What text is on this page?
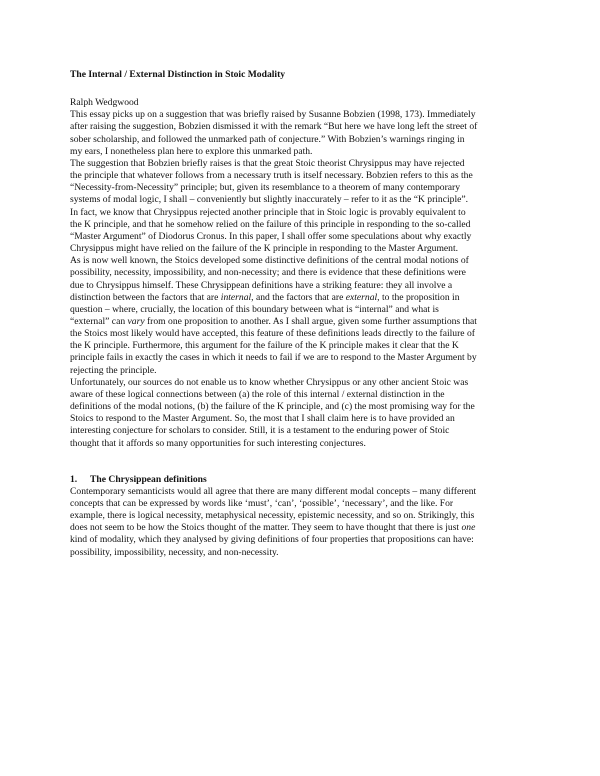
The Internal / External Distinction in Stoic Modality

Ralph Wedgwood

This essay picks up on a suggestion that was briefly raised by Susanne Bobzien (1998, 173). Immediately
after raising the suggestion, Bobzien dismissed it with the remark “But here we have long left the street of
sober scholarship, and followed the unmarked path of conjecture.” With Bobzien’s warnings ringing in
my ears, I nonetheless plan here to explore this unmarked path.

The suggestion that Bobzien briefly raises is that the great Stoic theorist Chrysippus may have rejected
the principle that whatever follows from a necessary truth is itself necessary. Bobzien refers to this as the
“Necessity-from-Necessity” principle; but, given its resemblance to a theorem of many contemporary
systems of modal logic, I shall – conveniently but slightly inaccurately – refer to it as the “K principle”.
In fact, we know that Chrysippus rejected another principle that in Stoic logic is provably equivalent to
the K principle, and that he somehow relied on the failure of this principle in responding to the so-called
“Master Argument” of Diodorus Cronus. In this paper, I shall offer some speculations about why exactly
Chrysippus might have relied on the failure of the K principle in responding to the Master Argument.

As is now well known, the Stoics developed some distinctive definitions of the central modal notions of
possibility, necessity, impossibility, and non-necessity; and there is evidence that these definitions were
due to Chrysippus himself. These Chrysippean definitions have a striking feature: they all involve a
distinction between the factors that are internal, and the factors that are external, to the proposition in
question – where, crucially, the location of this boundary between what is “internal” and what is
“external” can vary from one proposition to another. As I shall argue, given some further assumptions that
the Stoics most likely would have accepted, this feature of these definitions leads directly to the failure of
the K principle. Furthermore, this argument for the failure of the K principle makes it clear that the K
principle fails in exactly the cases in which it needs to fail if we are to respond to the Master Argument by
rejecting the principle.

Unfortunately, our sources do not enable us to know whether Chrysippus or any other ancient Stoic was
aware of these logical connections between (a) the role of this internal / external distinction in the
definitions of the modal notions, (b) the failure of the K principle, and (c) the most promising way for the
Stoics to respond to the Master Argument. So, the most that I shall claim here is to have provided an
interesting conjecture for scholars to consider. Still, it is a testament to the enduring power of Stoic
thought that it affords so many opportunities for such interesting conjectures.

1. The Chrysippean definitions

Contemporary semanticists would all agree that there are many different modal concepts – many different
concepts that can be expressed by words like ‘must’, ‘can’, ‘possible’, ‘necessary’, and the like. For
example, there is logical necessity, metaphysical necessity, epistemic necessity, and so on. Strikingly, this
does not seem to be how the Stoics thought of the matter. They seem to have thought that there is just one
kind of modality, which they analysed by giving definitions of four properties that propositions can have:
possibility, impossibility, necessity, and non-necessity.
